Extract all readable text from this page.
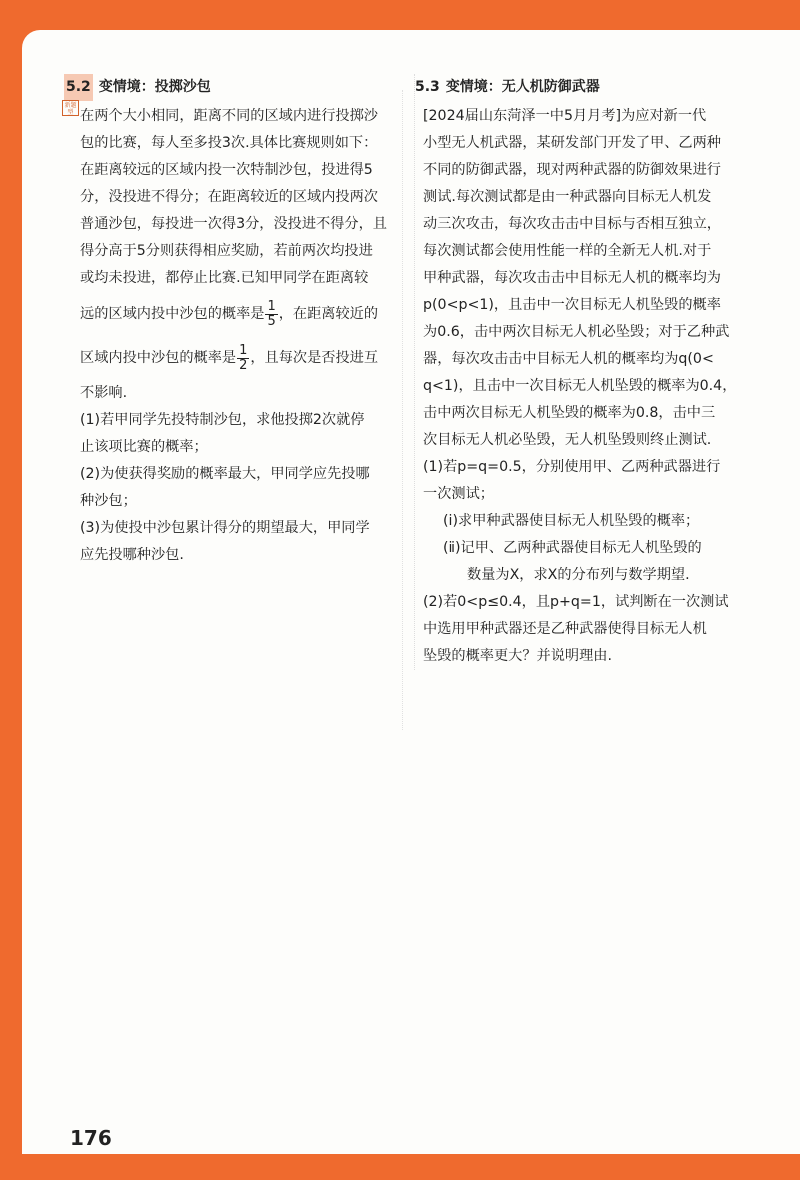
5.2 变情境：投掷沙包

在两个大小相同，距离不同的区域内进行投掷沙

包的比赛，每人至多投3次.具体比赛规则如下：

在距离较远的区域内投一次特制沙包，投进得5

分，没投进不得分；在距离较近的区域内投两次

普通沙包，每投进一次得3分，没投进不得分，且

得分高于5分则获得相应奖励，若前两次均投进

或均未投进，都停止比赛.已知甲同学在距离较

远的区域内投中沙包的概率是 $\frac{1}{5}$ ，在距离较近的

区域内投中沙包的概率是 $\frac{1}{2}$ ，且每次是否投进互

不影响.

(1)若甲同学先投特制沙包，求他投掷2次就停

止该项比赛的概率；

(2)为使获得奖励的概率最大，甲同学应先投哪

种沙包；

(3)为使投中沙包累计得分的期望最大，甲同学

应先投哪种沙包.

5.3 变情境：无人机防御武器

[2024届山东菏泽一中5月月考]为应对新一代

小型无人机武器，某研发部门开发了甲、乙两种

不同的防御武器，现对两种武器的防御效果进行

测试.每次测试都是由一种武器向目标无人机发

动三次攻击，每次攻击击中目标与否相互独立，

每次测试都会使用性能一样的全新无人机.对于

甲种武器，每次攻击击中目标无人机的概率均为

p(0<p<1)，且击中一次目标无人机坠毁的概率

为0.6，击中两次目标无人机必坠毁；对于乙种武

器，每次攻击击中目标无人机的概率均为q(0<

q<1)，且击中一次目标无人机坠毁的概率为0.4，

击中两次目标无人机坠毁的概率为0.8，击中三

次目标无人机必坠毁，无人机坠毁则终止测试.

(1)若p=q=0.5，分别使用甲、乙两种武器进行

一次测试；

(ⅰ)求甲种武器使目标无人机坠毁的概率；

(ⅱ)记甲、乙两种武器使目标无人机坠毁的

数量为X，求X的分布列与数学期望.

(2)若0<p≤0.4，且p+q=1，试判断在一次测试

中选用甲种武器还是乙种武器使得目标无人机

坠毁的概率更大？并说明理由.

新题型
176
